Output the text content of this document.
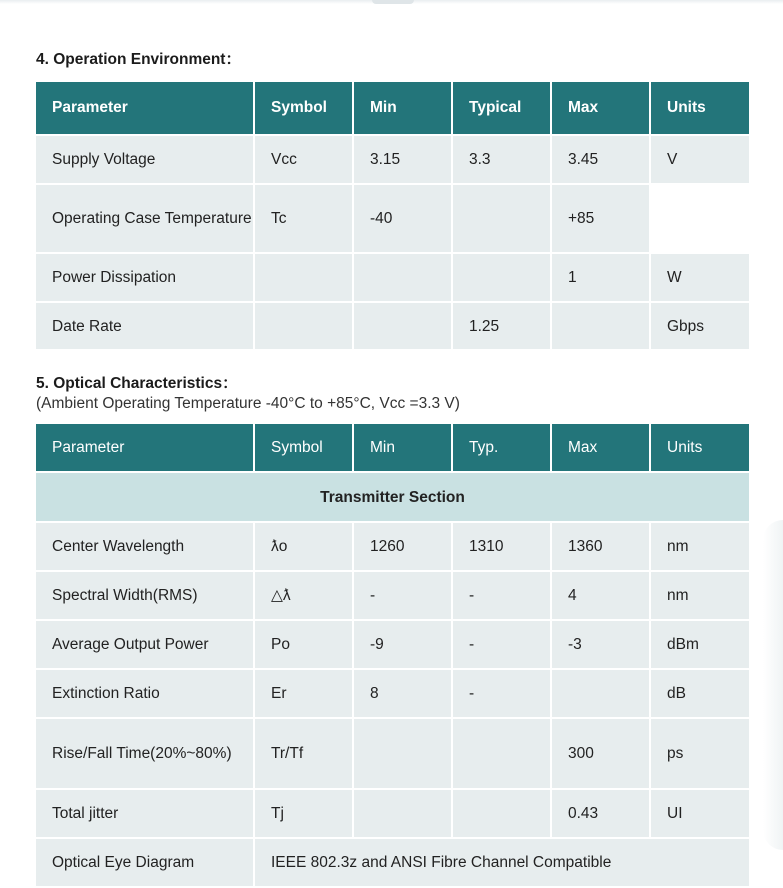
4. Operation Environment：
Parameter	Symbol	Min	Typical	Max	Units
Supply Voltage	Vcc	3.15	3.3	3.45	V
Operating Case Temperature	Tc	-40		+85	
Power Dissipation				1	W
Date Rate			1.25		Gbps
5. Optical Characteristics：
(Ambient Operating Temperature -40°C to +85°C, Vcc =3.3 V)
Parameter	Symbol	Min	Typ.	Max	Units
Transmitter Section					
Center Wavelength	ƛo	1260	1310	1360	nm
Spectral Width(RMS)	△ƛ	-	-	4	nm
Average Output Power	Po	-9	-	-3	dBm
Extinction Ratio	Er	8	-		dB
Rise/Fall Time(20%~80%)	Tr/Tf			300	ps
Total jitter	Tj			0.43	UI
Optical Eye Diagram	IEEE 802.3z and ANSI Fibre Channel Compatible				
